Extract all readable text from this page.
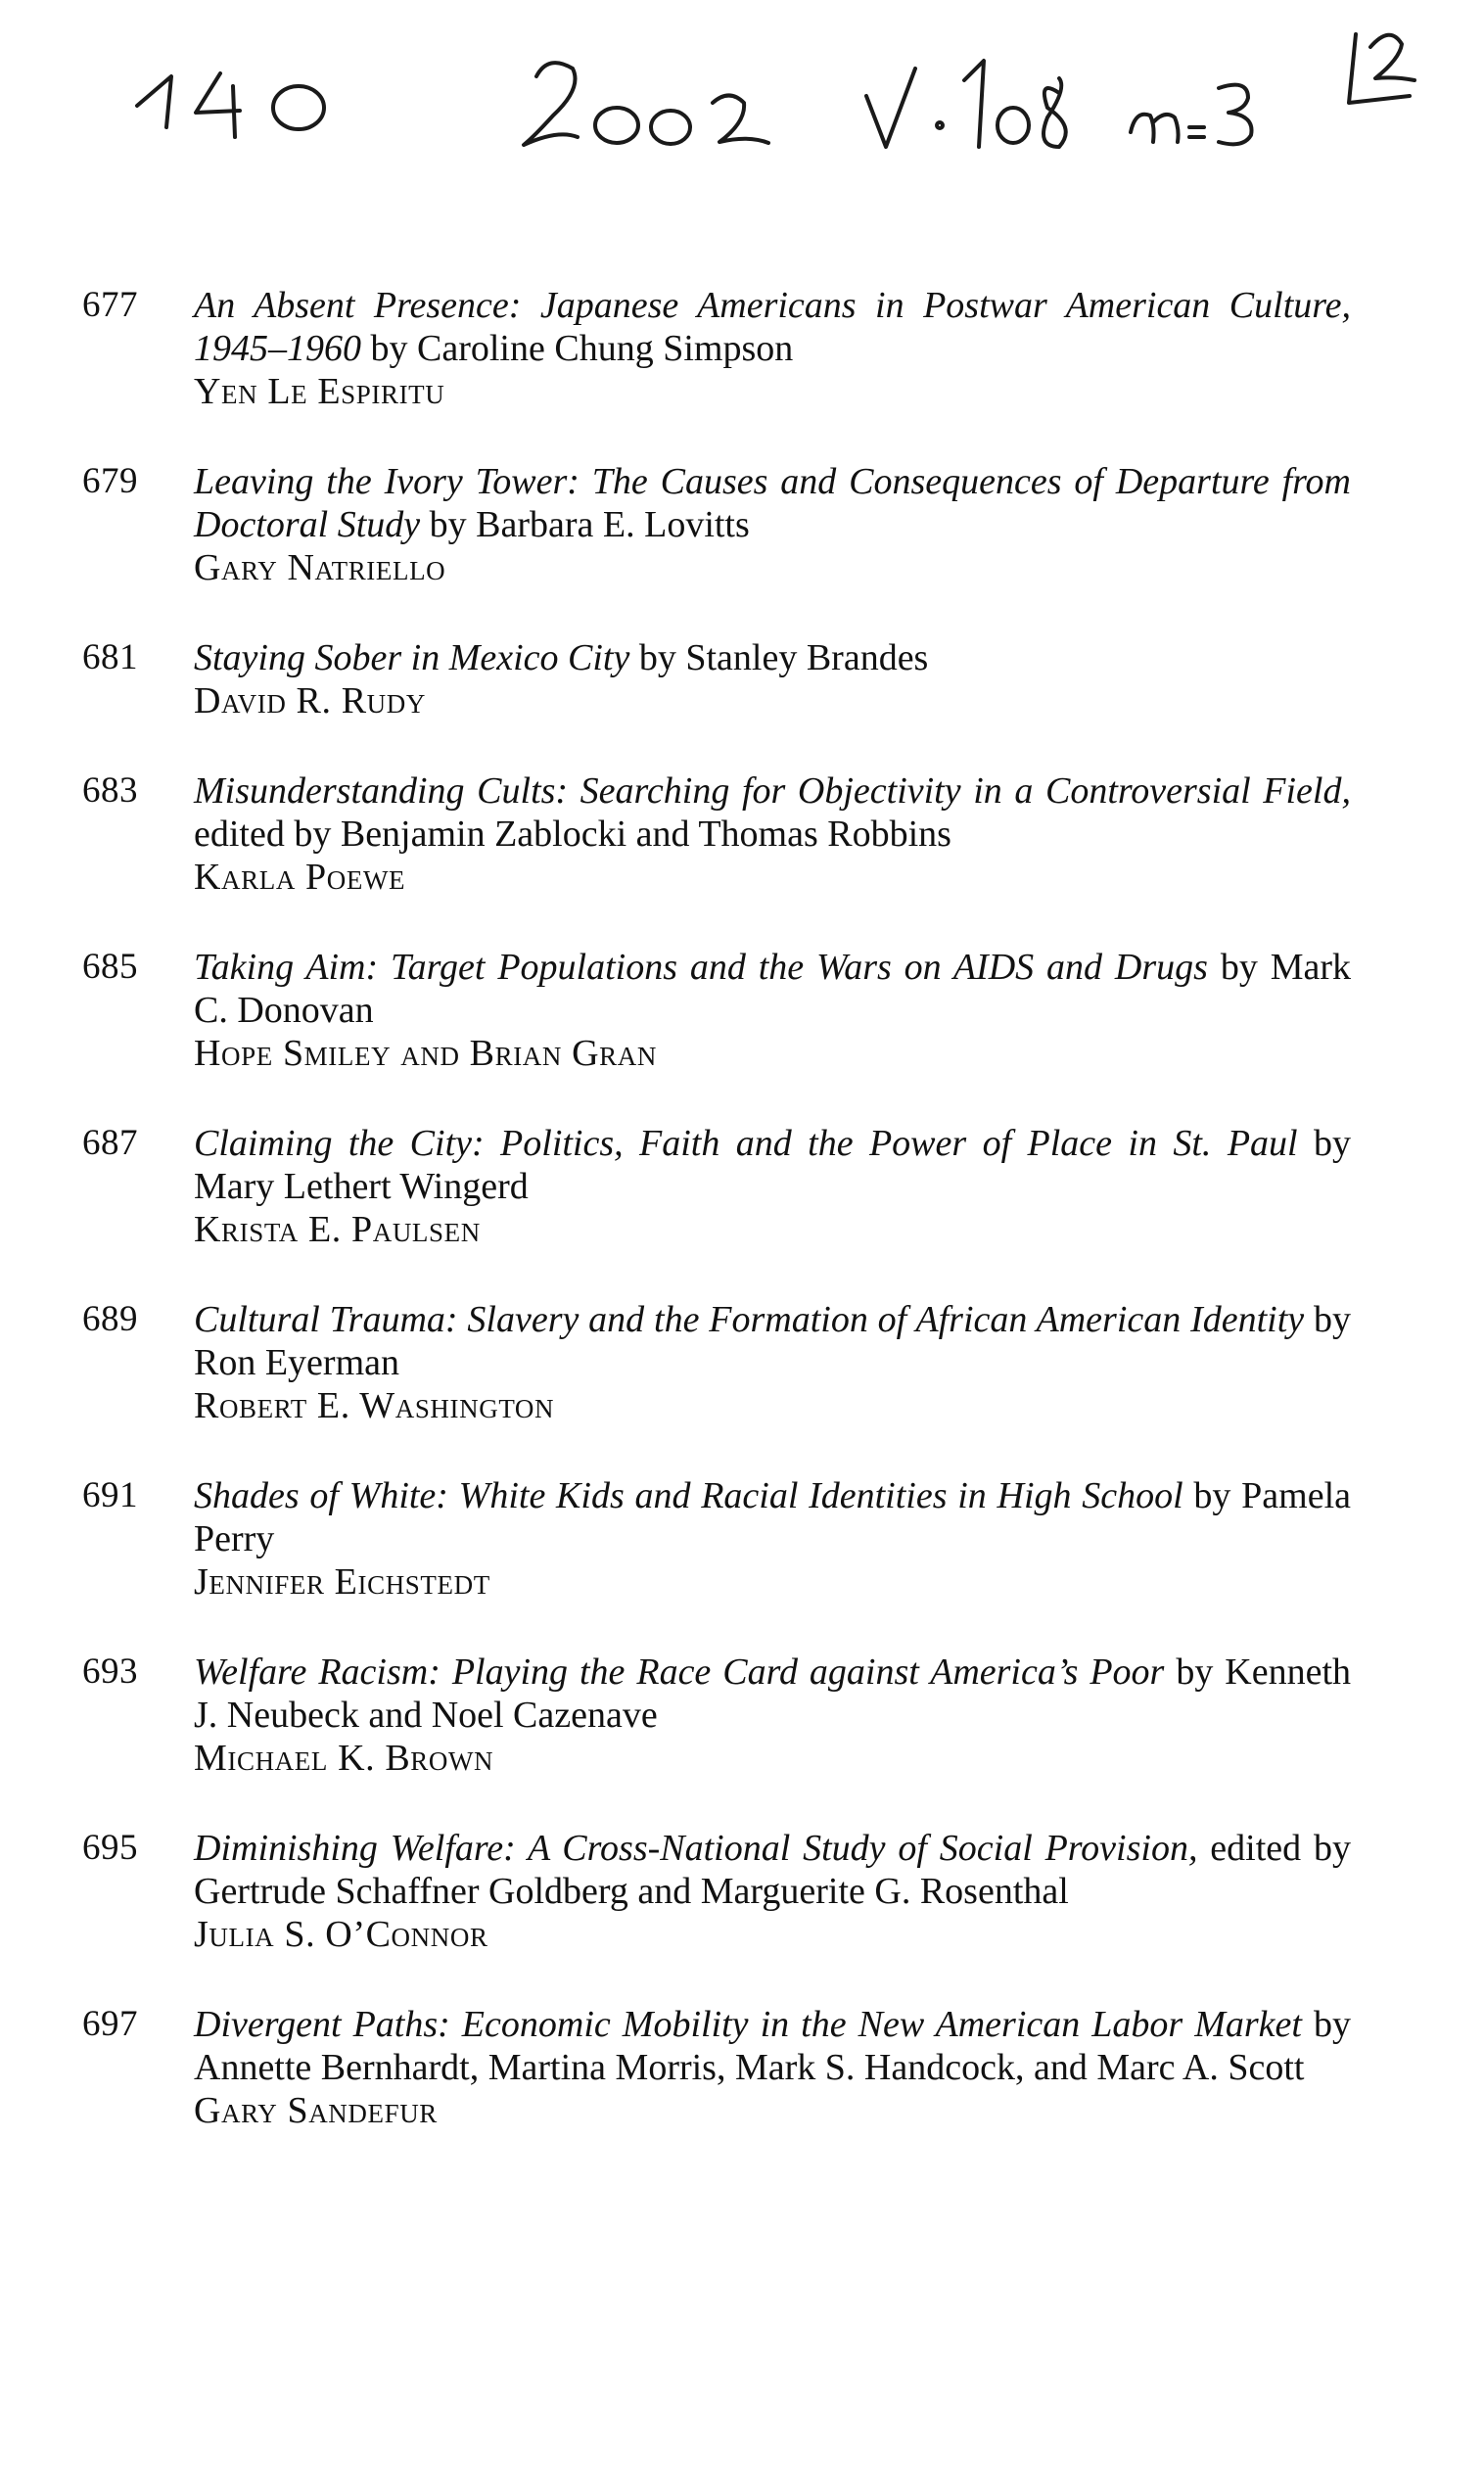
677 An Absent Presence: Japanese Americans in Postwar American Culture, 1945–1960 by Caroline Chung Simpson
Yen Le Espiritu
679 Leaving the Ivory Tower: The Causes and Consequences of Departure from Doctoral Study by Barbara E. Lovitts
Gary Natriello
681 Staying Sober in Mexico City by Stanley Brandes
David R. Rudy
683 Misunderstanding Cults: Searching for Objectivity in a Controversial Field, edited by Benjamin Zablocki and Thomas Robbins
Karla Poewe
685 Taking Aim: Target Populations and the Wars on AIDS and Drugs by Mark C. Donovan
Hope Smiley and Brian Gran
687 Claiming the City: Politics, Faith and the Power of Place in St. Paul by Mary Lethert Wingerd
Krista E. Paulsen
689 Cultural Trauma: Slavery and the Formation of African American Identity by Ron Eyerman
Robert E. Washington
691 Shades of White: White Kids and Racial Identities in High School by Pamela Perry
Jennifer Eichstedt
693 Welfare Racism: Playing the Race Card against America’s Poor by Kenneth J. Neubeck and Noel Cazenave
Michael K. Brown
695 Diminishing Welfare: A Cross-National Study of Social Provision, edited by Gertrude Schaffner Goldberg and Marguerite G. Rosenthal
Julia S. O’Connor
697 Divergent Paths: Economic Mobility in the New American Labor Market by Annette Bernhardt, Martina Morris, Mark S. Handcock, and Marc A. Scott
Gary Sandefur
